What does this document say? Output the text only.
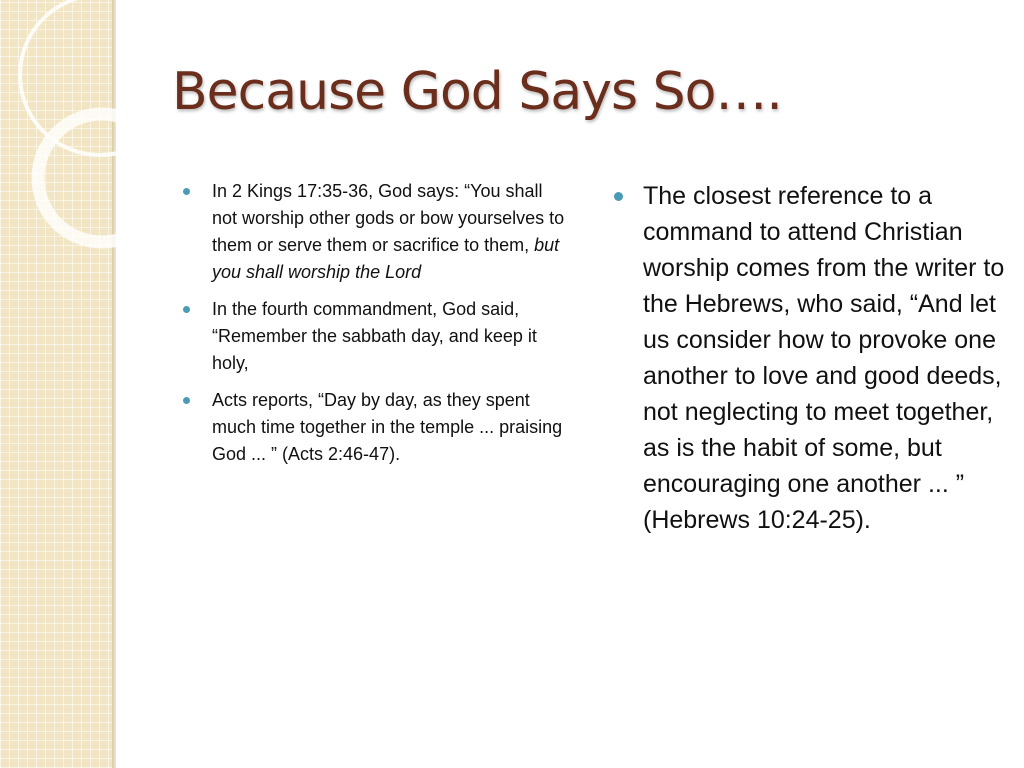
Because God Says So….
In 2 Kings 17:35-36, God says: “You shall not worship other gods or bow yourselves to them or serve them or sacrifice to them, but you shall worship the Lord
In the fourth commandment, God said, “Remember the sabbath day, and keep it holy,
Acts reports, “Day by day, as they spent much time together in the temple ... praising God ... ” (Acts 2:46-47).
The closest reference to a command to attend Christian worship comes from the writer to the Hebrews, who said, “And let us consider how to provoke one another to love and good deeds, not neglecting to meet together, as is the habit of some, but encouraging one another ... ” (Hebrews 10:24-25).
